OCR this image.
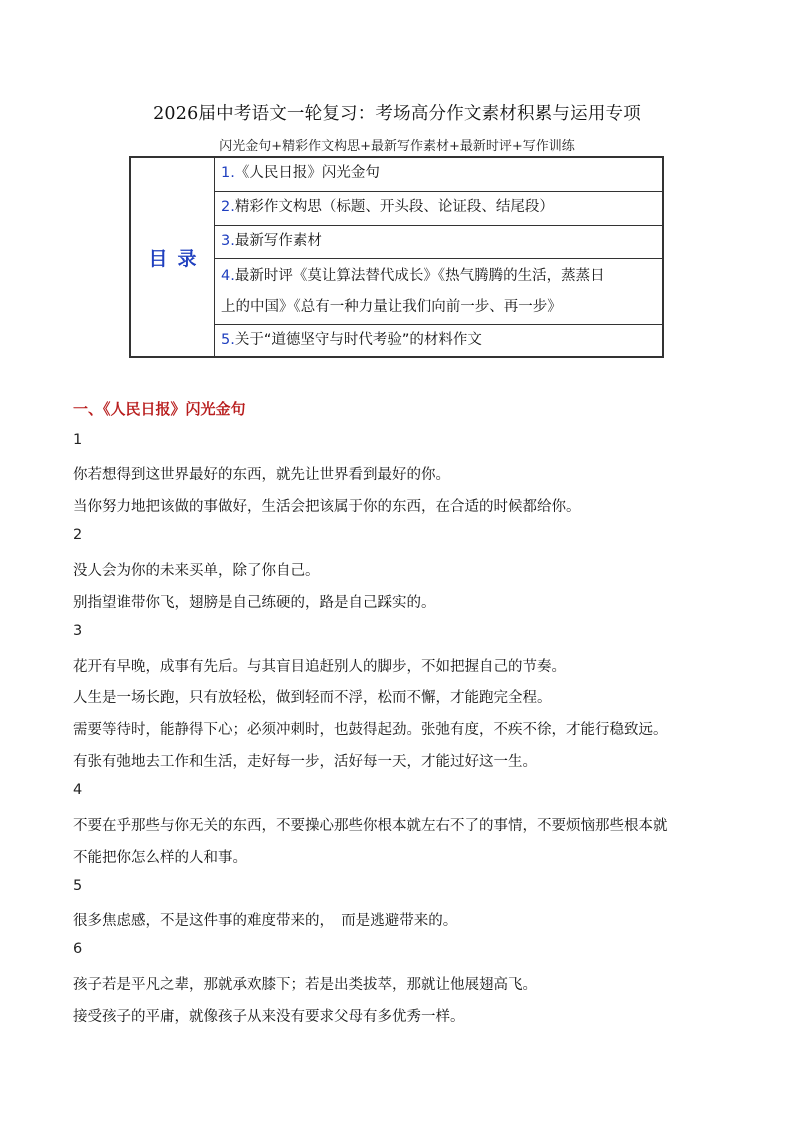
2026届中考语文一轮复习：考场高分作文素材积累与运用专项
闪光金句+精彩作文构思+最新写作素材+最新时评+写作训练
目录
1.《人民日报》闪光金句
2.精彩作文构思（标题、开头段、论证段、结尾段）
3.最新写作素材
4.最新时评《莫让算法替代成长》《热气腾腾的生活，蒸蒸日
上的中国》《总有一种力量让我们向前一步、再一步》
5.关于“道德坚守与时代考验”的材料作文
一、《人民日报》闪光金句
1
你若想得到这世界最好的东西，就先让世界看到最好的你。
当你努力地把该做的事做好，生活会把该属于你的东西，在合适的时候都给你。
2
没人会为你的未来买单，除了你自己。
别指望谁带你飞，翅膀是自己练硬的，路是自己踩实的。
3
花开有早晚，成事有先后。与其盲目追赶别人的脚步，不如把握自己的节奏。
人生是一场长跑，只有放轻松，做到轻而不浮，松而不懈，才能跑完全程。
需要等待时，能静得下心；必须冲刺时，也鼓得起劲。张弛有度，不疾不徐，才能行稳致远。
有张有弛地去工作和生活，走好每一步，活好每一天，才能过好这一生。
4
不要在乎那些与你无关的东西，不要操心那些你根本就左右不了的事情，不要烦恼那些根本就
不能把你怎么样的人和事。
5
很多焦虑感，不是这件事的难度带来的，　而是逃避带来的。
6
孩子若是平凡之辈，那就承欢膝下；若是出类拔萃，那就让他展翅高飞。
接受孩子的平庸，就像孩子从来没有要求父母有多优秀一样。
